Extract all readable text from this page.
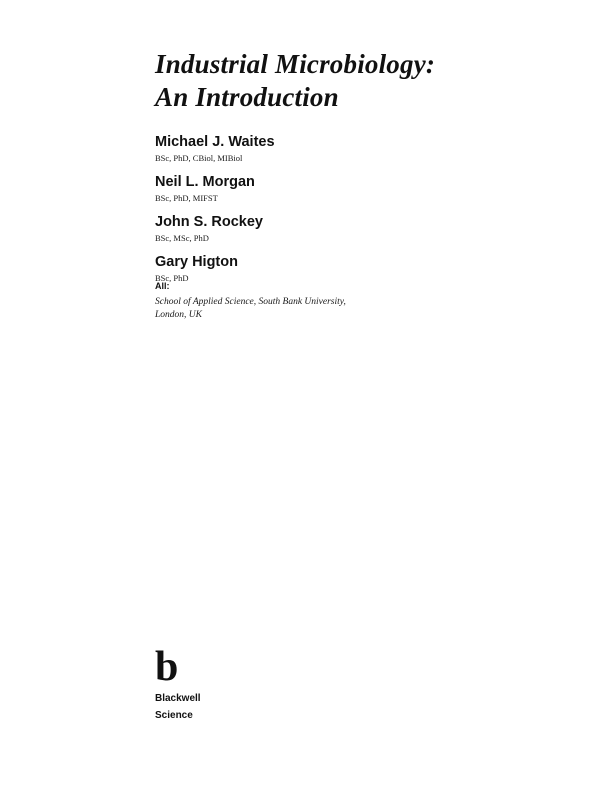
Industrial Microbiology:
An Introduction
Michael J. Waites
BSc, PhD, CBiol, MIBiol
Neil L. Morgan
BSc, PhD, MIFST
John S. Rockey
BSc, MSc, PhD
Gary Higton
BSc, PhD
All:
School of Applied Science, South Bank University,
London, UK
b
Blackwell
Science
